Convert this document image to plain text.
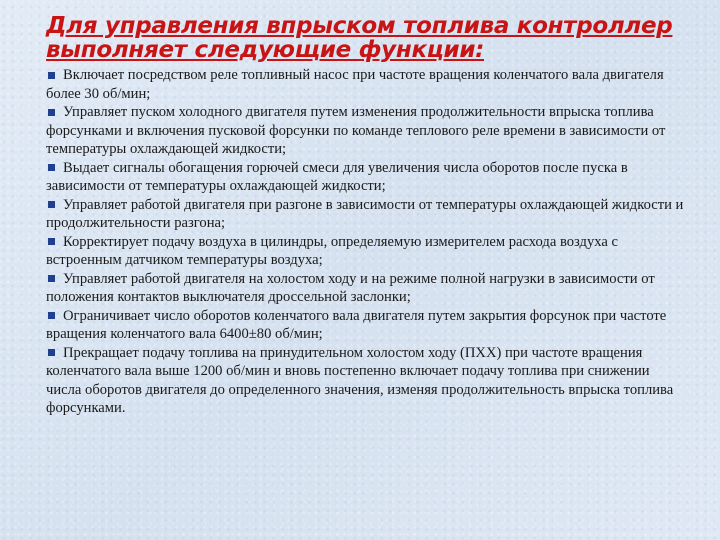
Для управления впрыском топлива контроллер выполняет следующие функции:
Включает посредством реле топливный насос при частоте вращения коленчатого вала двигателя более 30 об/мин;
Управляет пуском холодного двигателя путем изменения продолжительности впрыска топлива форсунками и включения пусковой форсунки по команде теплового реле времени в зависимости от температуры охлаждающей жидкости;
Выдает сигналы обогащения горючей смеси для увеличения числа оборотов после пуска в зависимости от температуры охлаждающей жидкости;
Управляет работой двигателя при разгоне в зависимости от температуры охлаждающей жидкости и продолжительности разгона;
Корректирует подачу воздуха в цилиндры, определяемую измерителем расхода воздуха с встроенным датчиком температуры воздуха;
Управляет работой двигателя на холостом ходу и на режиме полной нагрузки в зависимости от положения контактов выключателя дроссельной заслонки;
Ограничивает число оборотов коленчатого вала двигателя путем закрытия форсунок при частоте вращения коленчатого вала 6400±80 об/мин;
Прекращает подачу топлива на принудительном холостом ходу (ПХХ) при частоте вращения коленчатого вала выше 1200 об/мин и вновь постепенно включает подачу топлива при снижении числа оборотов двигателя до определенного значения, изменяя продолжительность впрыска топлива форсунками.
